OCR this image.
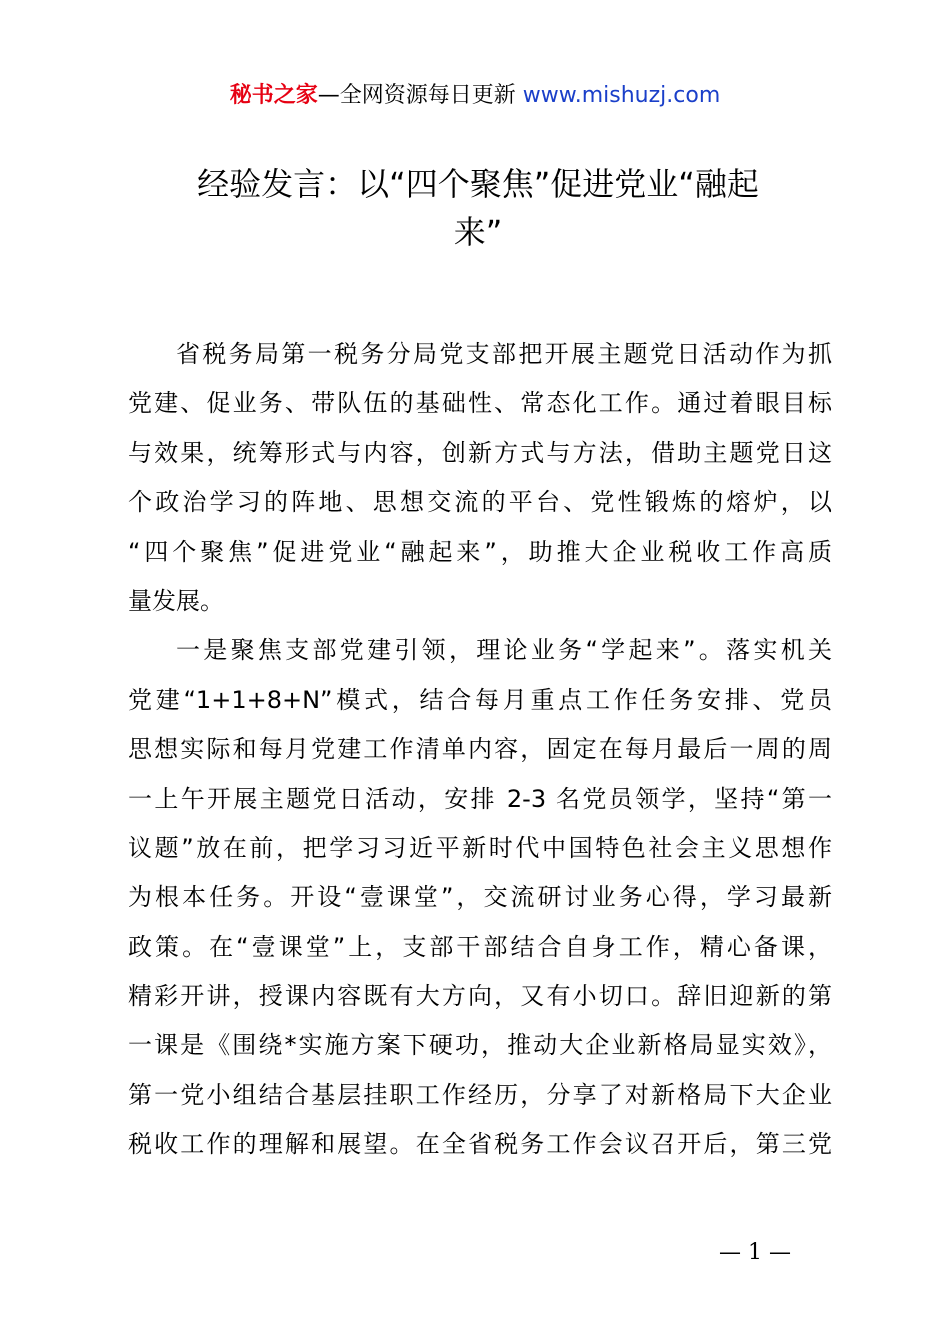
秘书之家—全网资源每日更新 www.mishuzj.com
经验发言：以“四个聚焦”促进党业“融起
来”
省税务局第一税务分局党支部把开展主题党日活动作为抓
党建、促业务、带队伍的基础性、常态化工作。通过着眼目标
与效果，统筹形式与内容，创新方式与方法，借助主题党日这
个政治学习的阵地、思想交流的平台、党性锻炼的熔炉，以
“四个聚焦”促进党业“融起来”，助推大企业税收工作高质
量发展。
一是聚焦支部党建引领，理论业务“学起来”。落实机关
党建“1+1+8+N”模式，结合每月重点工作任务安排、党员
思想实际和每月党建工作清单内容，固定在每月最后一周的周
一上午开展主题党日活动，安排 2-3 名党员领学，坚持“第一
议题”放在前，把学习习近平新时代中国特色社会主义思想作
为根本任务。开设“壹课堂”，交流研讨业务心得，学习最新
政策。在“壹课堂”上，支部干部结合自身工作，精心备课，
精彩开讲，授课内容既有大方向，又有小切口。辞旧迎新的第
一课是《围绕*实施方案下硬功，推动大企业新格局显实效》，
第一党小组结合基层挂职工作经历，分享了对新格局下大企业
税收工作的理解和展望。在全省税务工作会议召开后，第三党
— 1 —
